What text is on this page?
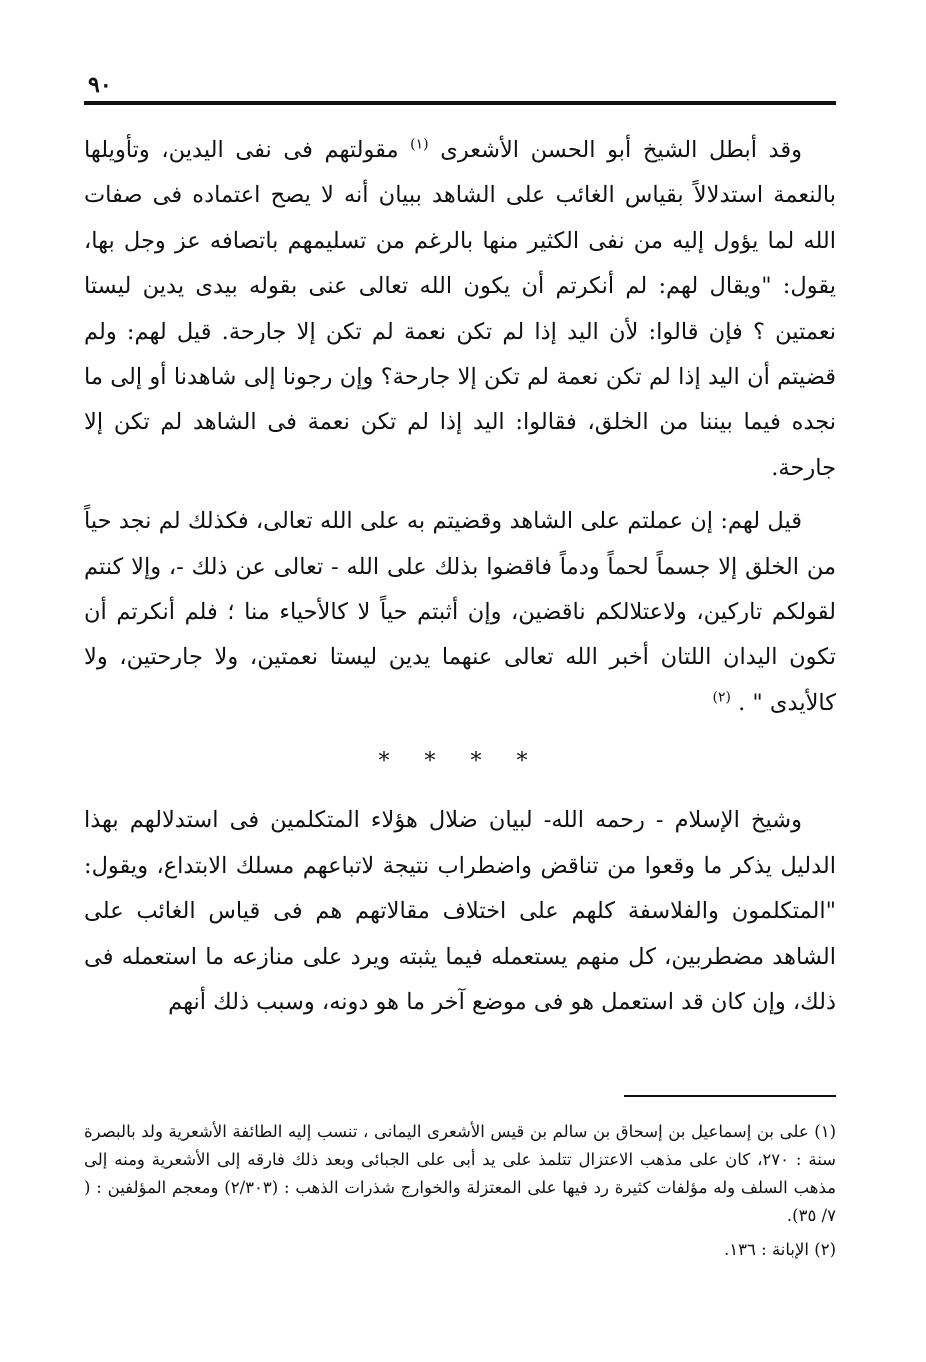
٩٠

وقد أبطل الشيخ أبو الحسن الأشعرى $^{(١)}$ مقولتهم فى نفى اليدين، وتأويلها بالنعمة استدلالاً بقياس الغائب على الشاهد ببيان أنه لا يصح اعتماده فى صفات الله لما يؤول إليه من نفى الكثير منها بالرغم من تسليمهم باتصافه عز وجل بها، يقول: "ويقال لهم: لم أنكرتم أن يكون الله تعالى عنى بقوله بيدى يدين ليستا نعمتين ؟ فإن قالوا: لأن اليد إذا لم تكن نعمة لم تكن إلا جارحة. قيل لهم: ولم قضيتم أن اليد إذا لم تكن نعمة لم تكن إلا جارحة؟ وإن رجونا إلى شاهدنا أو إلى ما نجده فيما بيننا من الخلق، فقالوا: اليد إذا لم تكن نعمة فى الشاهد لم تكن إلا جارحة.

قيل لهم: إن عملتم على الشاهد وقضيتم به على الله تعالى، فكذلك لم نجد حياً من الخلق إلا جسماً لحماً ودماً فاقضوا بذلك على الله - تعالى عن ذلك -، وإلا كنتم لقولكم تاركين، ولاعتلالكم ناقضين، وإن أثبتم حياً لا كالأحياء منا ؛ فلم أنكرتم أن تكون اليدان اللتان أخبر الله تعالى عنهما يدين ليستا نعمتين، ولا جارحتين، ولا كالأيدى " . $^{(٢)}$

* * * *

وشيخ الإسلام - رحمه الله- لبيان ضلال هؤلاء المتكلمين فى استدلالهم بهذا الدليل يذكر ما وقعوا من تناقض واضطراب نتيجة لاتباعهم مسلك الابتداع، ويقول: "المتكلمون والفلاسفة كلهم على اختلاف مقالاتهم هم فى قياس الغائب على الشاهد مضطربين، كل منهم يستعمله فيما يثبته ويرد على منازعه ما استعمله فى ذلك، وإن كان قد استعمل هو فى موضع آخر ما هو دونه، وسبب ذلك أنهم

(١) على بن إسماعيل بن إسحاق بن سالم بن قيس الأشعرى اليمانى ، تنسب إليه الطائفة الأشعرية ولد بالبصرة سنة : ٢٧٠، كان على مذهب الاعتزال تتلمذ على يد أبى على الجبائى وبعد ذلك فارقه إلى الأشعرية ومنه إلى مذهب السلف وله مؤلفات كثيرة رد فيها على المعتزلة والخوارج شذرات الذهب : (٢/٣٠٣) ومعجم المؤلفين : ( ٧/ ٣٥).

(٢) الإبانة : ١٣٦.
